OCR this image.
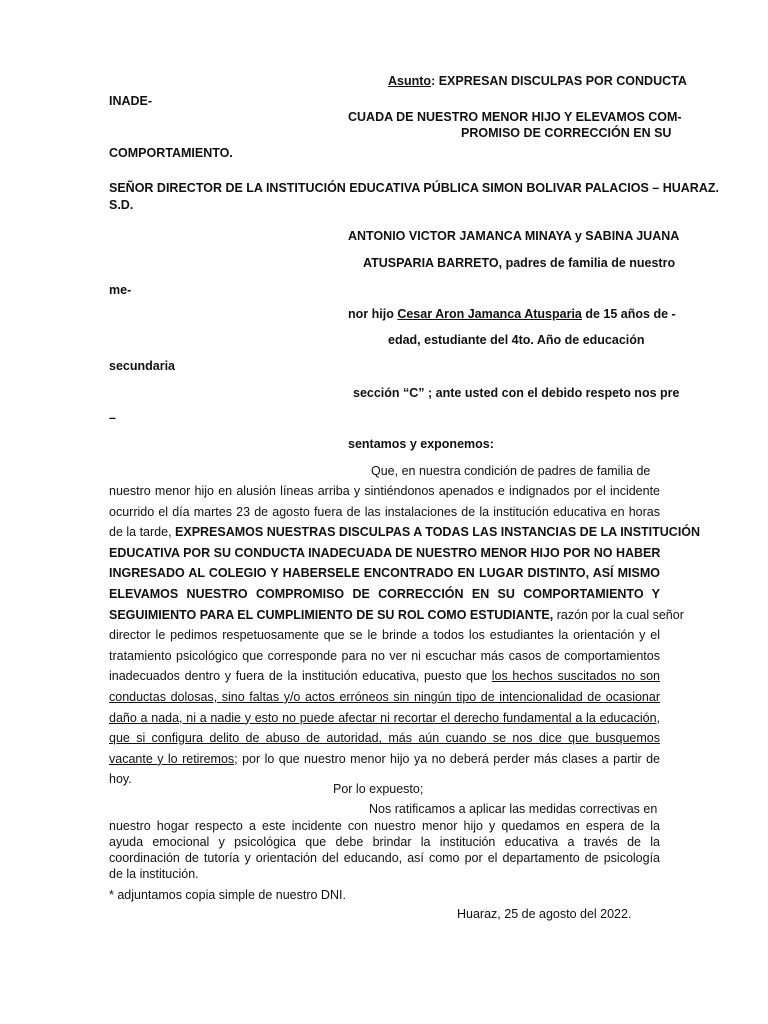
Asunto: EXPRESAN DISCULPAS POR CONDUCTA
INADE-
CUADA DE NUESTRO MENOR HIJO Y ELEVAMOS COM-
PROMISO DE CORRECCIÓN EN SU
COMPORTAMIENTO.
SEÑOR DIRECTOR DE LA INSTITUCIÓN EDUCATIVA PÚBLICA SIMON BOLIVAR PALACIOS – HUARAZ.
S.D.
ANTONIO VICTOR JAMANCA MINAYA y SABINA JUANA
ATUSPARIA BARRETO, padres de familia de nuestro
me-
nor hijo Cesar Aron Jamanca Atusparia de 15 años de -
edad, estudiante del 4to. Año de educación
secundaria
sección “C” ; ante usted con el debido respeto nos pre
–
sentamos y exponemos:
Que, en nuestra condición de padres de familia de
nuestro menor hijo en alusión líneas arriba y sintiéndonos apenados e indignados por el incidente
ocurrido el día martes 23 de agosto fuera de las instalaciones de la institución educativa en horas
de la tarde, EXPRESAMOS NUESTRAS DISCULPAS A TODAS LAS INSTANCIAS DE LA INSTITUCIÓN
EDUCATIVA POR SU CONDUCTA INADECUADA DE NUESTRO MENOR HIJO POR NO HABER
INGRESADO AL COLEGIO Y HABERSELE ENCONTRADO EN LUGAR DISTINTO, ASÍ MISMO
ELEVAMOS NUESTRO COMPROMISO DE CORRECCIÓN EN SU COMPORTAMIENTO Y
SEGUIMIENTO PARA EL CUMPLIMIENTO DE SU ROL COMO ESTUDIANTE, razón por la cual señor
director le pedimos respetuosamente que se le brinde a todos los estudiantes la orientación y el
tratamiento psicológico que corresponde para no ver ni escuchar más casos de comportamientos
inadecuados dentro y fuera de la institución educativa, puesto que los hechos suscitados no son
conductas dolosas, sino faltas y/o actos erróneos sin ningún tipo de intencionalidad de ocasionar
daño a nada, ni a nadie y esto no puede afectar ni recortar el derecho fundamental a la educación,
que si configura delito de abuso de autoridad, más aún cuando se nos dice que busquemos
vacante y lo retiremos; por lo que nuestro menor hijo ya no deberá perder más clases a partir de
hoy.
Por lo expuesto;
Nos ratificamos a aplicar las medidas correctivas en
nuestro hogar respecto a este incidente con nuestro menor hijo y quedamos en espera de la
ayuda emocional y psicológica que debe brindar la institución educativa a través de la
coordinación de tutoría y orientación del educando, así como por el departamento de psicología
de la institución.
* adjuntamos copia simple de nuestro DNI.
Huaraz, 25 de agosto del 2022.
